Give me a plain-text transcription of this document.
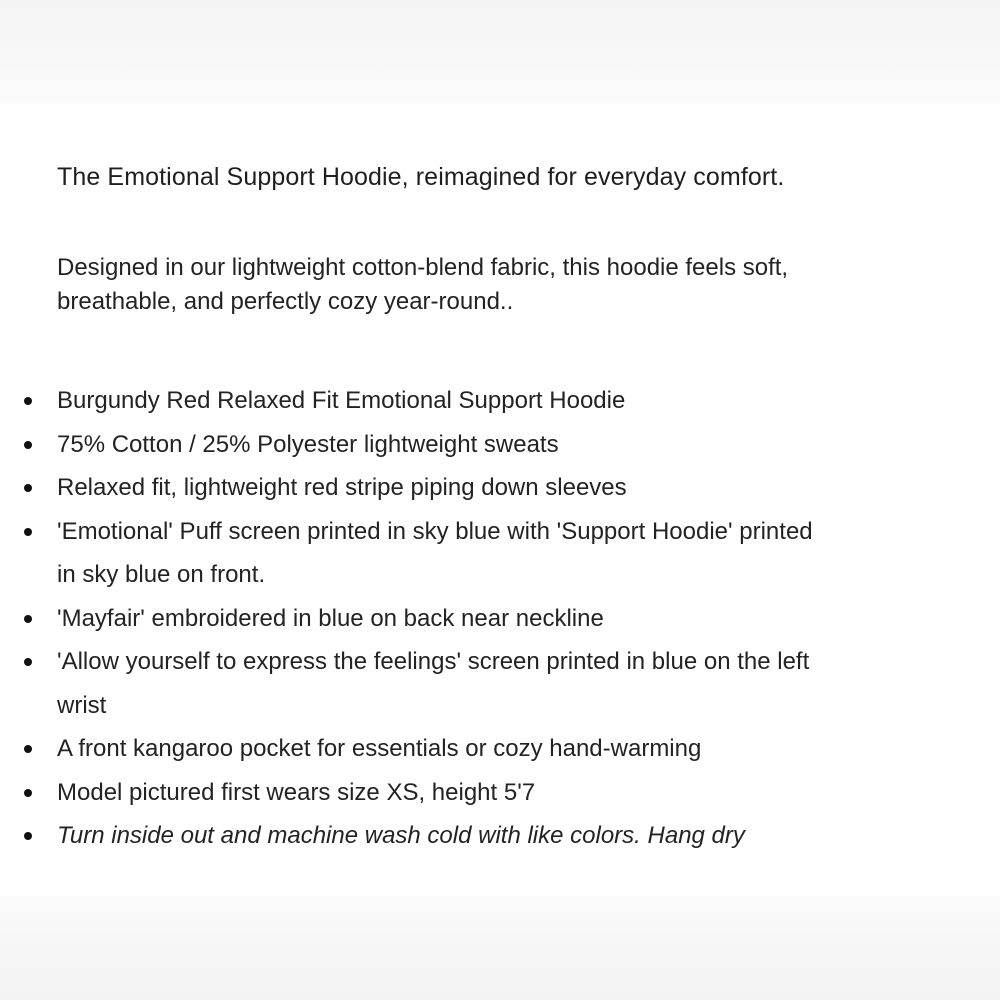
The Emotional Support Hoodie, reimagined for everyday comfort.

Designed in our lightweight cotton-blend fabric, this hoodie feels soft,
breathable, and perfectly cozy year-round..

Burgundy Red Relaxed Fit Emotional Support Hoodie
75% Cotton / 25% Polyester lightweight sweats
Relaxed fit, lightweight red stripe piping down sleeves
'Emotional' Puff screen printed in sky blue with 'Support Hoodie' printed
in sky blue on front.
'Mayfair' embroidered in blue on back near neckline
'Allow yourself to express the feelings' screen printed in blue on the left
wrist
A front kangaroo pocket for essentials or cozy hand-warming
Model pictured first wears size XS, height 5'7
Turn inside out and machine wash cold with like colors. Hang dry
